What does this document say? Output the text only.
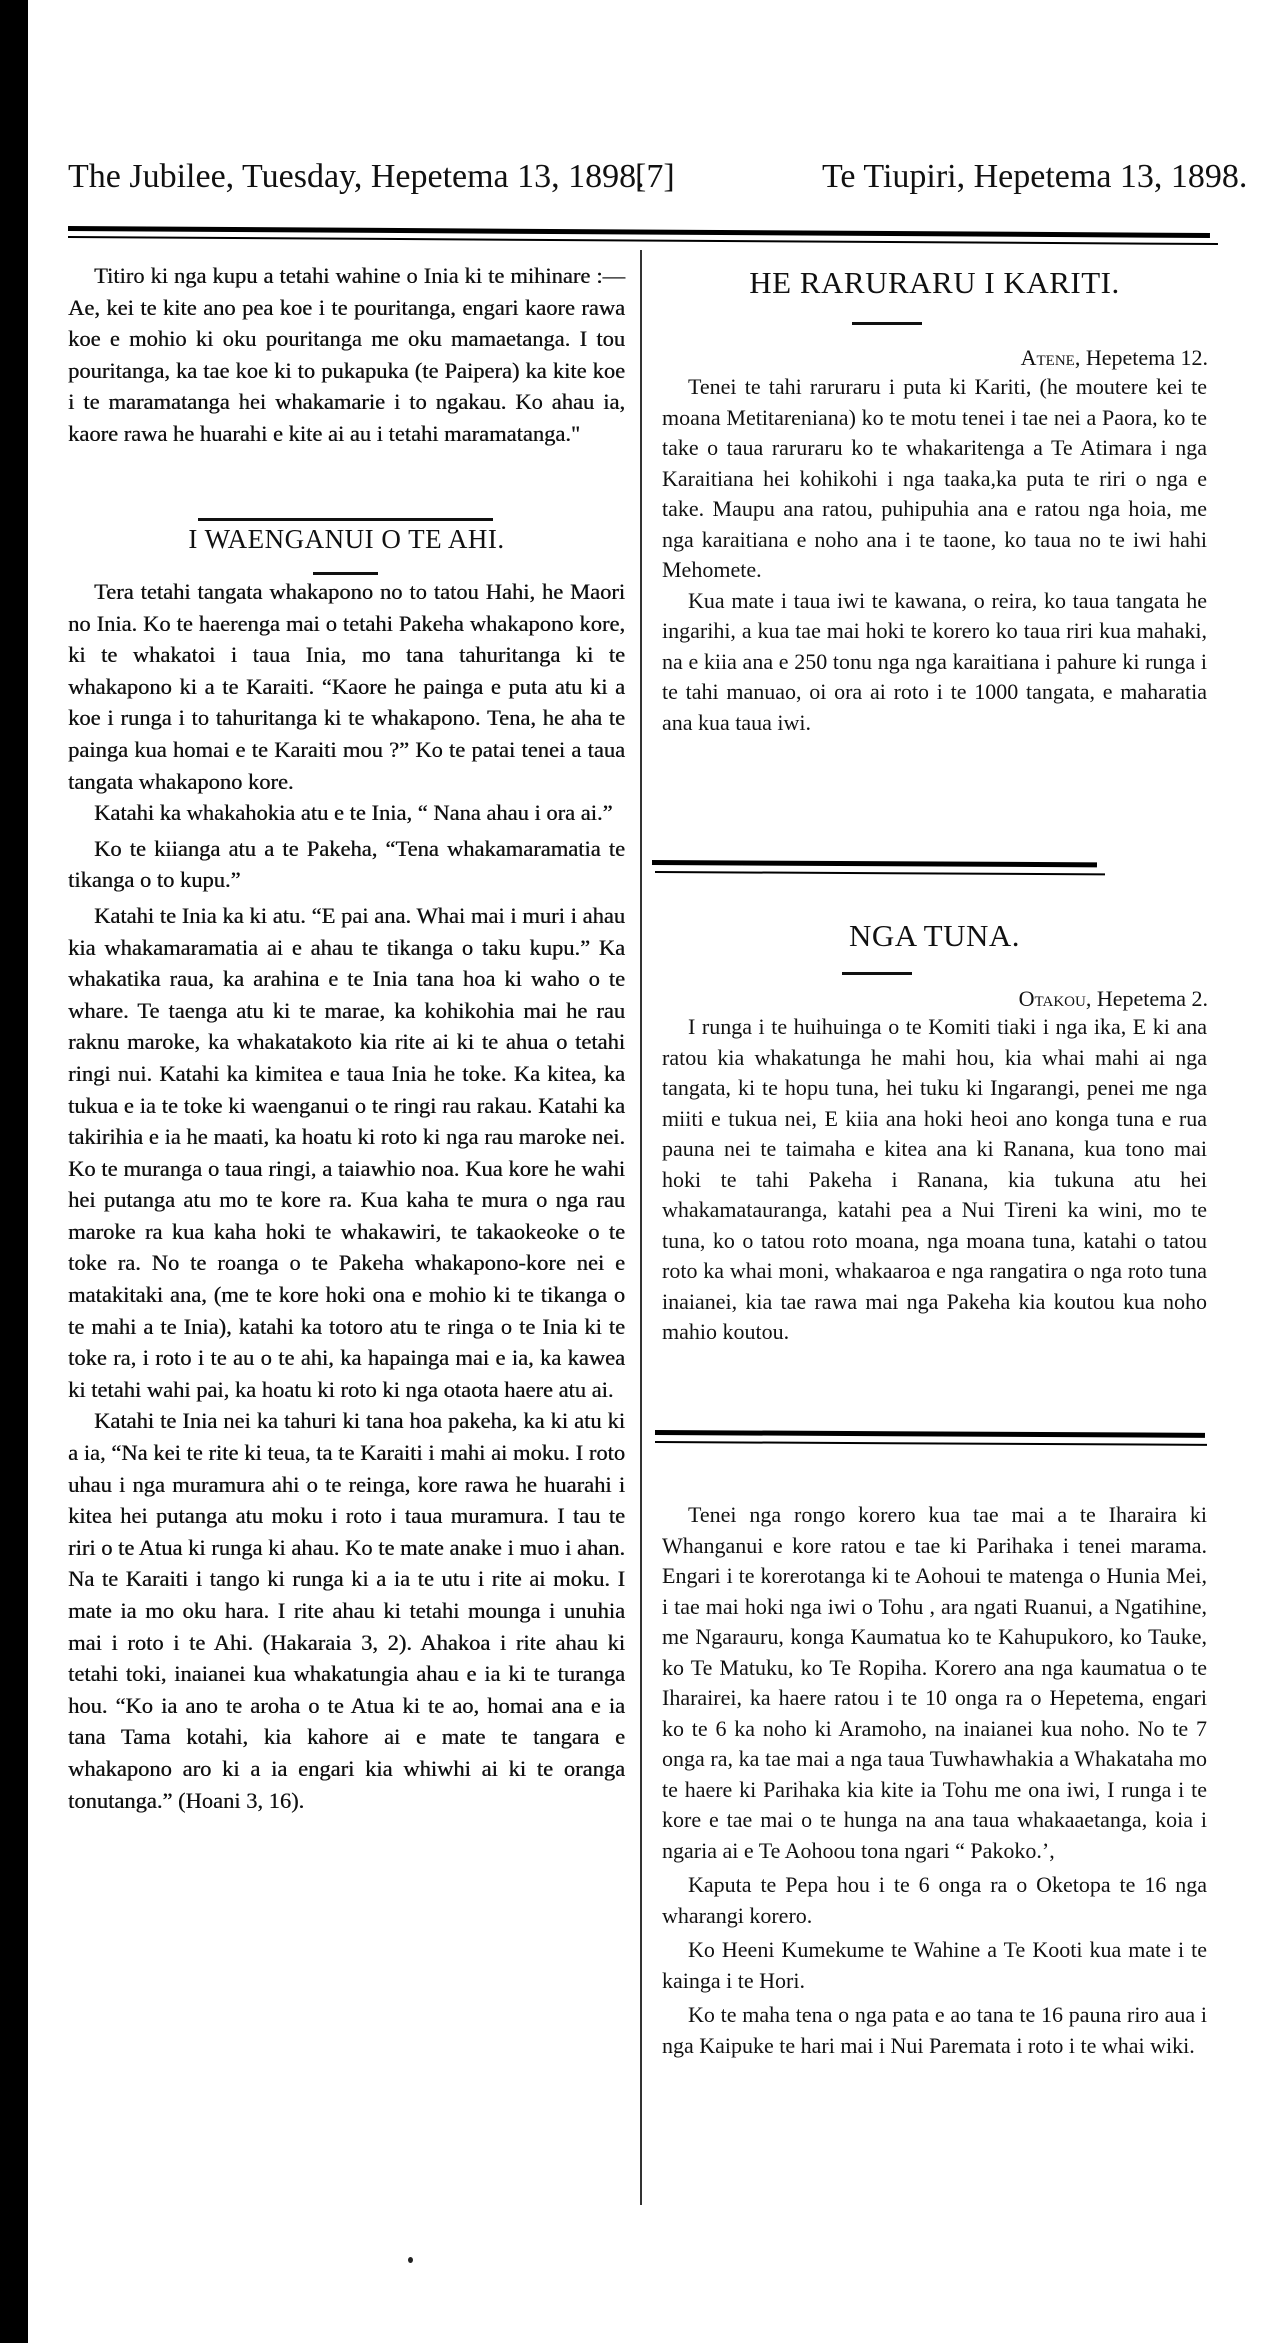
The Jubilee, Tuesday, Hepetema 13, 1898.
[7]	Te Tiupiri, Hepetema 13, 1898.

Titiro ki nga kupu a tetahi wahine o Inia ki te mihinare :—Ae, kei te kite ano pea koe i te pouritanga, engari kaore rawa koe e mohio ki oku pouritanga me oku mamaetanga. I tou pouritanga, ka tae koe ki to pukapuka (te Paipera) ka kite koe i te maramatanga hei whakamarie i to ngakau. Ko ahau ia, kaore rawa he huarahi e kite ai au i tetahi maramatanga."

I WAENGANUI O TE AHI.

Tera tetahi tangata whakapono no to tatou Hahi, he Maori no Inia. Ko te haerenga mai o tetahi Pakeha whakapono kore, ki te whakatoi i taua Inia, mo tana tahuritanga ki te whakapono ki a te Karaiti. “Kaore he painga e puta atu ki a koe i runga i to tahuritanga ki te whakapono. Tena, he aha te painga kua homai e te Karaiti mou ?” Ko te patai tenei a taua tangata whakapono kore.

Katahi ka whakahokia atu e te Inia, “ Nana ahau i ora ai.”

Ko te kiianga atu a te Pakeha, “Tena whakamaramatia te tikanga o to kupu.”

Katahi te Inia ka ki atu. “E pai ana. Whai mai i muri i ahau kia whakamaramatia ai e ahau te tikanga o taku kupu.” Ka whakatika raua, ka arahina e te Inia tana hoa ki waho o te whare. Te taenga atu ki te marae, ka kohikohia mai he rau raknu maroke, ka whakatakoto kia rite ai ki te ahua o tetahi ringi nui. Katahi ka kimitea e taua Inia he toke. Ka kitea, ka tukua e ia te toke ki waenganui o te ringi rau rakau. Katahi ka takirihia e ia he maati, ka hoatu ki roto ki nga rau maroke nei. Ko te muranga o taua ringi, a taiawhio noa. Kua kore he wahi hei putanga atu mo te kore ra. Kua kaha te mura o nga rau maroke ra kua kaha hoki te whakawiri, te takaokeoke o te toke ra. No te roanga o te Pakeha whakapono-kore nei e matakitaki ana, (me te kore hoki ona e mohio ki te tikanga o te mahi a te Inia), katahi ka totoro atu te ringa o te Inia ki te toke ra, i roto i te au o te ahi, ka hapainga mai e ia, ka kawea ki tetahi wahi pai, ka hoatu ki roto ki nga otaota haere atu ai.

Katahi te Inia nei ka tahuri ki tana hoa pakeha, ka ki atu ki a ia, “Na kei te rite ki teua, ta te Karaiti i mahi ai moku. I roto uhau i nga muramura ahi o te reinga, kore rawa he huarahi i kitea hei putanga atu moku i roto i taua muramura. I tau te riri o te Atua ki runga ki ahau. Ko te mate anake i muo i ahan. Na te Karaiti i tango ki runga ki a ia te utu i rite ai moku. I mate ia mo oku hara. I rite ahau ki tetahi mounga i unuhia mai i roto i te Ahi. (Hakaraia 3, 2). Ahakoa i rite ahau ki tetahi toki, inaianei kua whakatungia ahau e ia ki te turanga hou. “Ko ia ano te aroha o te Atua ki te ao, homai ana e ia tana Tama kotahi, kia kahore ai e mate te tangara e whakapono aro ki a ia engari kia whiwhi ai ki te oranga tonutanga.” (Hoani 3, 16).

HE RARURARU I KARITI.
Atene, Hepetema 12.

Tenei te tahi raruraru i puta ki Kariti, (he moutere kei te moana Metitareniana) ko te motu tenei i tae nei a Paora, ko te take o taua raruraru ko te whakaritenga a Te Atimara i nga Karaitiana hei kohikohi i nga taaka,ka puta te riri o nga e take. Maupu ana ratou, puhipuhia ana e ratou nga hoia, me nga karaitiana e noho ana i te taone, ko taua no te iwi hahi Mehomete.

Kua mate i taua iwi te kawana, o reira, ko taua tangata he ingarihi, a kua tae mai hoki te korero ko taua riri kua mahaki, na e kiia ana e 250 tonu nga nga karaitiana i pahure ki runga i te tahi manuao, oi ora ai roto i te 1000 tangata, e maharatia ana kua taua iwi.

NGA TUNA.
Otakou, Hepetema 2.

I runga i te huihuinga o te Komiti tiaki i nga ika, E ki ana ratou kia whakatunga he mahi hou, kia whai mahi ai nga tangata, ki te hopu tuna, hei tuku ki Ingarangi, penei me nga miiti e tukua nei, E kiia ana hoki heoi ano konga tuna e rua pauna nei te taimaha e kitea ana ki Ranana, kua tono mai hoki te tahi Pakeha i Ranana, kia tukuna atu hei whakamatauranga, katahi pea a Nui Tireni ka wini, mo te tuna, ko o tatou roto moana, nga moana tuna, katahi o tatou roto ka whai moni, whakaaroa e nga rangatira o nga roto tuna inaianei, kia tae rawa mai nga Pakeha kia koutou kua noho mahio koutou.

Tenei nga rongo korero kua tae mai a te Iharaira ki Whanganui e kore ratou e tae ki Parihaka i tenei marama. Engari i te korerotanga ki te Aohoui te matenga o Hunia Mei, i tae mai hoki nga iwi o Tohu , ara ngati Ruanui, a Ngatihine, me Ngarauru, konga Kaumatua ko te Kahupukoro, ko Tauke, ko Te Matuku, ko Te Ropiha. Korero ana nga kaumatua o te Iharairei, ka haere ratou i te 10 onga ra o Hepetema, engari ko te 6 ka noho ki Aramoho, na inaianei kua noho. No te 7 onga ra, ka tae mai a nga taua Tuwhawhakia a Whakataha mo te haere ki Parihaka kia kite ia Tohu me ona iwi, I runga i te kore e tae mai o te hunga na ana taua whakaaetanga, koia i ngaria ai e Te Aohoou tona ngari “ Pakoko.’,

Kaputa te Pepa hou i te 6 onga ra o Oketopa te 16 nga wharangi korero.

Ko Heeni Kumekume te Wahine a Te Kooti kua mate i te kainga i te Hori.

Ko te maha tena o nga pata e ao tana te 16 pauna riro aua i nga Kaipuke te hari mai i Nui Paremata i roto i te whai wiki.
